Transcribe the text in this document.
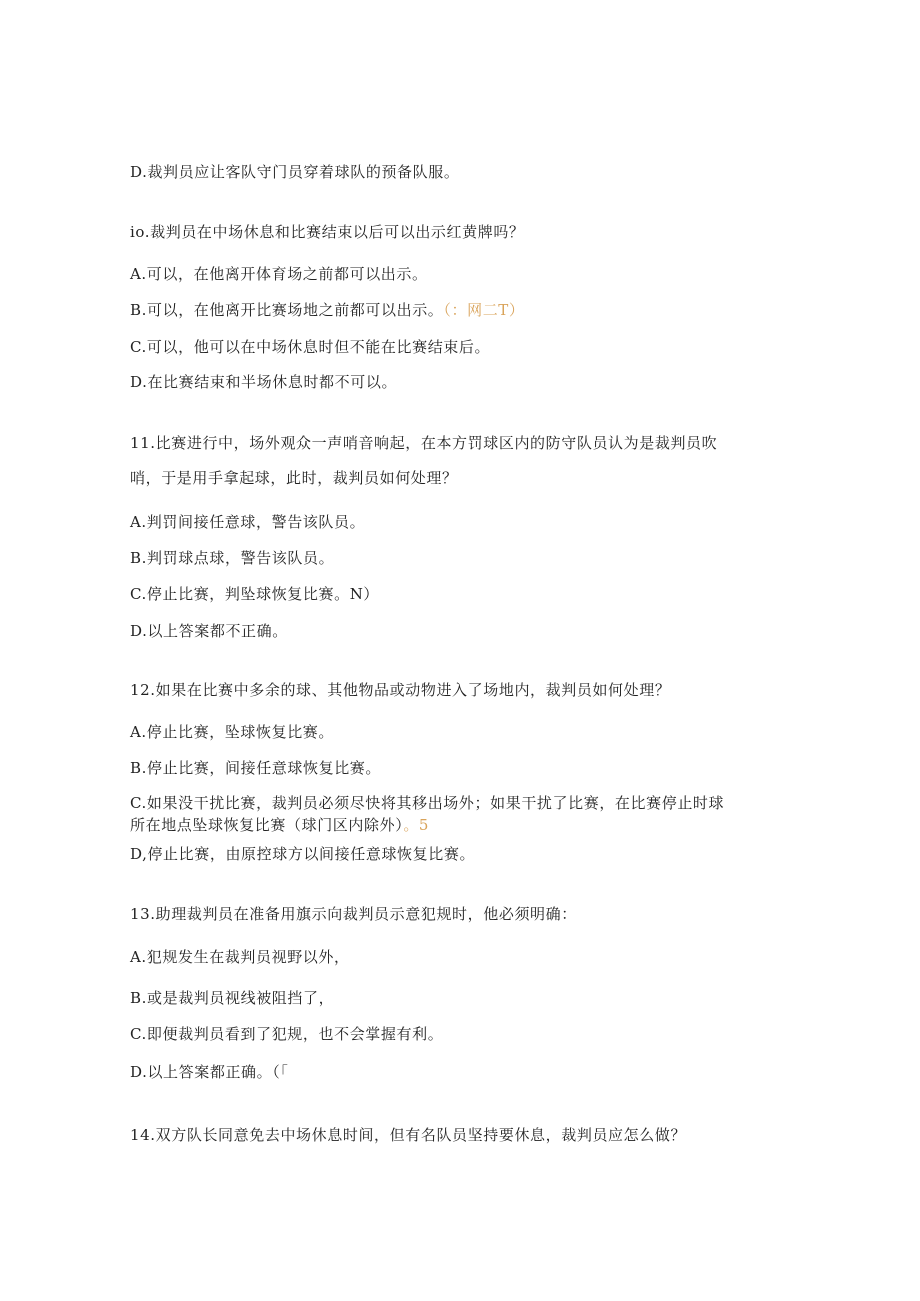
D.裁判员应让客队守门员穿着球队的预备队服。
io.裁判员在中场休息和比赛结束以后可以出示红黄牌吗？
A.可以，在他离开体育场之前都可以出示。
B.可以，在他离开比赛场地之前都可以出示。（：网二T）
C.可以，他可以在中场休息时但不能在比赛结束后。
D.在比赛结束和半场休息时都不可以。
11.比赛进行中，场外观众一声哨音响起，在本方罚球区内的防守队员认为是裁判员吹
哨，于是用手拿起球，此时，裁判员如何处理？
A.判罚间接任意球，警告该队员。
B.判罚球点球，警告该队员。
C.停止比赛，判坠球恢复比赛。N）
D.以上答案都不正确。
12.如果在比赛中多余的球、其他物品或动物进入了场地内，裁判员如何处理？
A.停止比赛，坠球恢复比赛。
B.停止比赛，间接任意球恢复比赛。
C.如果没干扰比赛，裁判员必须尽快将其移出场外；如果干扰了比赛，在比赛停止时球
所在地点坠球恢复比赛（球门区内除外）。5
D,停止比赛，由原控球方以间接任意球恢复比赛。
13.助理裁判员在准备用旗示向裁判员示意犯规时，他必须明确：
A.犯规发生在裁判员视野以外，
B.或是裁判员视线被阻挡了，
C.即便裁判员看到了犯规，也不会掌握有利。
D.以上答案都正确。（「
14.双方队长同意免去中场休息时间，但有名队员坚持要休息，裁判员应怎么做？
